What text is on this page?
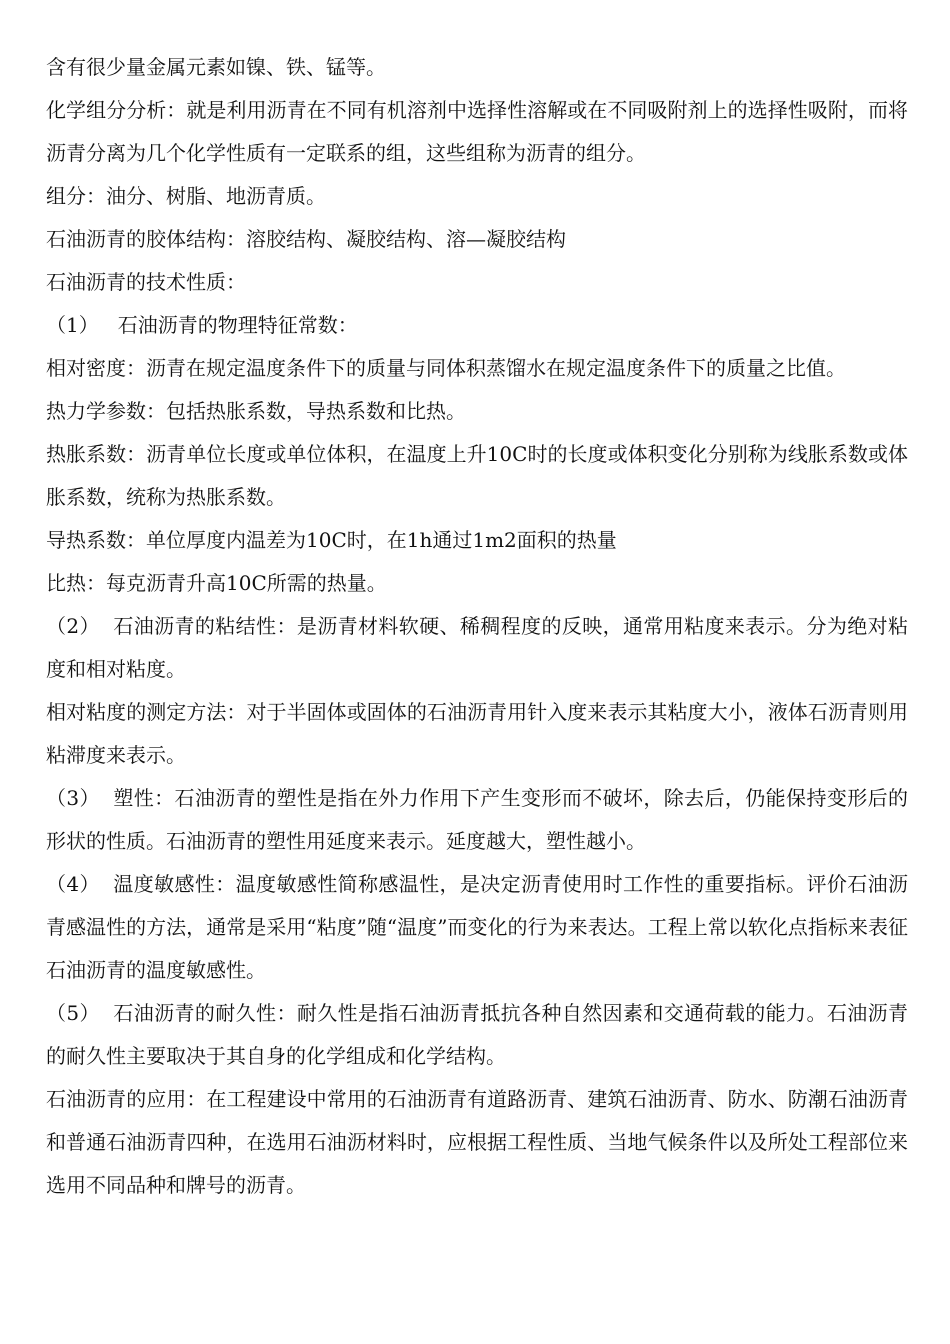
含有很少量金属元素如镍、铁、锰等。

化学组分分析：就是利用沥青在不同有机溶剂中选择性溶解或在不同吸附剂上的选择性吸附，而将沥青分离为几个化学性质有一定联系的组，这些组称为沥青的组分。

组分：油分、树脂、地沥青质。

石油沥青的胶体结构：溶胶结构、凝胶结构、溶—凝胶结构

石油沥青的技术性质：

（1）   石油沥青的物理特征常数：

相对密度：沥青在规定温度条件下的质量与同体积蒸馏水在规定温度条件下的质量之比值。

热力学参数：包括热胀系数，导热系数和比热。

热胀系数：沥青单位长度或单位体积，在温度上升10C时的长度或体积变化分别称为线胀系数或体胀系数，统称为热胀系数。

导热系数：单位厚度内温差为10C时，在1h通过1m2面积的热量

比热：每克沥青升高10C所需的热量。

（2）  石油沥青的粘结性：是沥青材料软硬、稀稠程度的反映，通常用粘度来表示。分为绝对粘度和相对粘度。

相对粘度的测定方法：对于半固体或固体的石油沥青用针入度来表示其粘度大小，液体石沥青则用粘滞度来表示。

（3）  塑性：石油沥青的塑性是指在外力作用下产生变形而不破坏，除去后，仍能保持变形后的形状的性质。石油沥青的塑性用延度来表示。延度越大，塑性越小。

（4）  温度敏感性：温度敏感性简称感温性，是决定沥青使用时工作性的重要指标。评价石油沥青感温性的方法，通常是采用“粘度”随“温度”而变化的行为来表达。工程上常以软化点指标来表征石油沥青的温度敏感性。

（5）  石油沥青的耐久性：耐久性是指石油沥青抵抗各种自然因素和交通荷载的能力。石油沥青的耐久性主要取决于其自身的化学组成和化学结构。

石油沥青的应用：在工程建设中常用的石油沥青有道路沥青、建筑石油沥青、防水、防潮石油沥青和普通石油沥青四种，在选用石油沥材料时，应根据工程性质、当地气候条件以及所处工程部位来选用不同品种和牌号的沥青。
